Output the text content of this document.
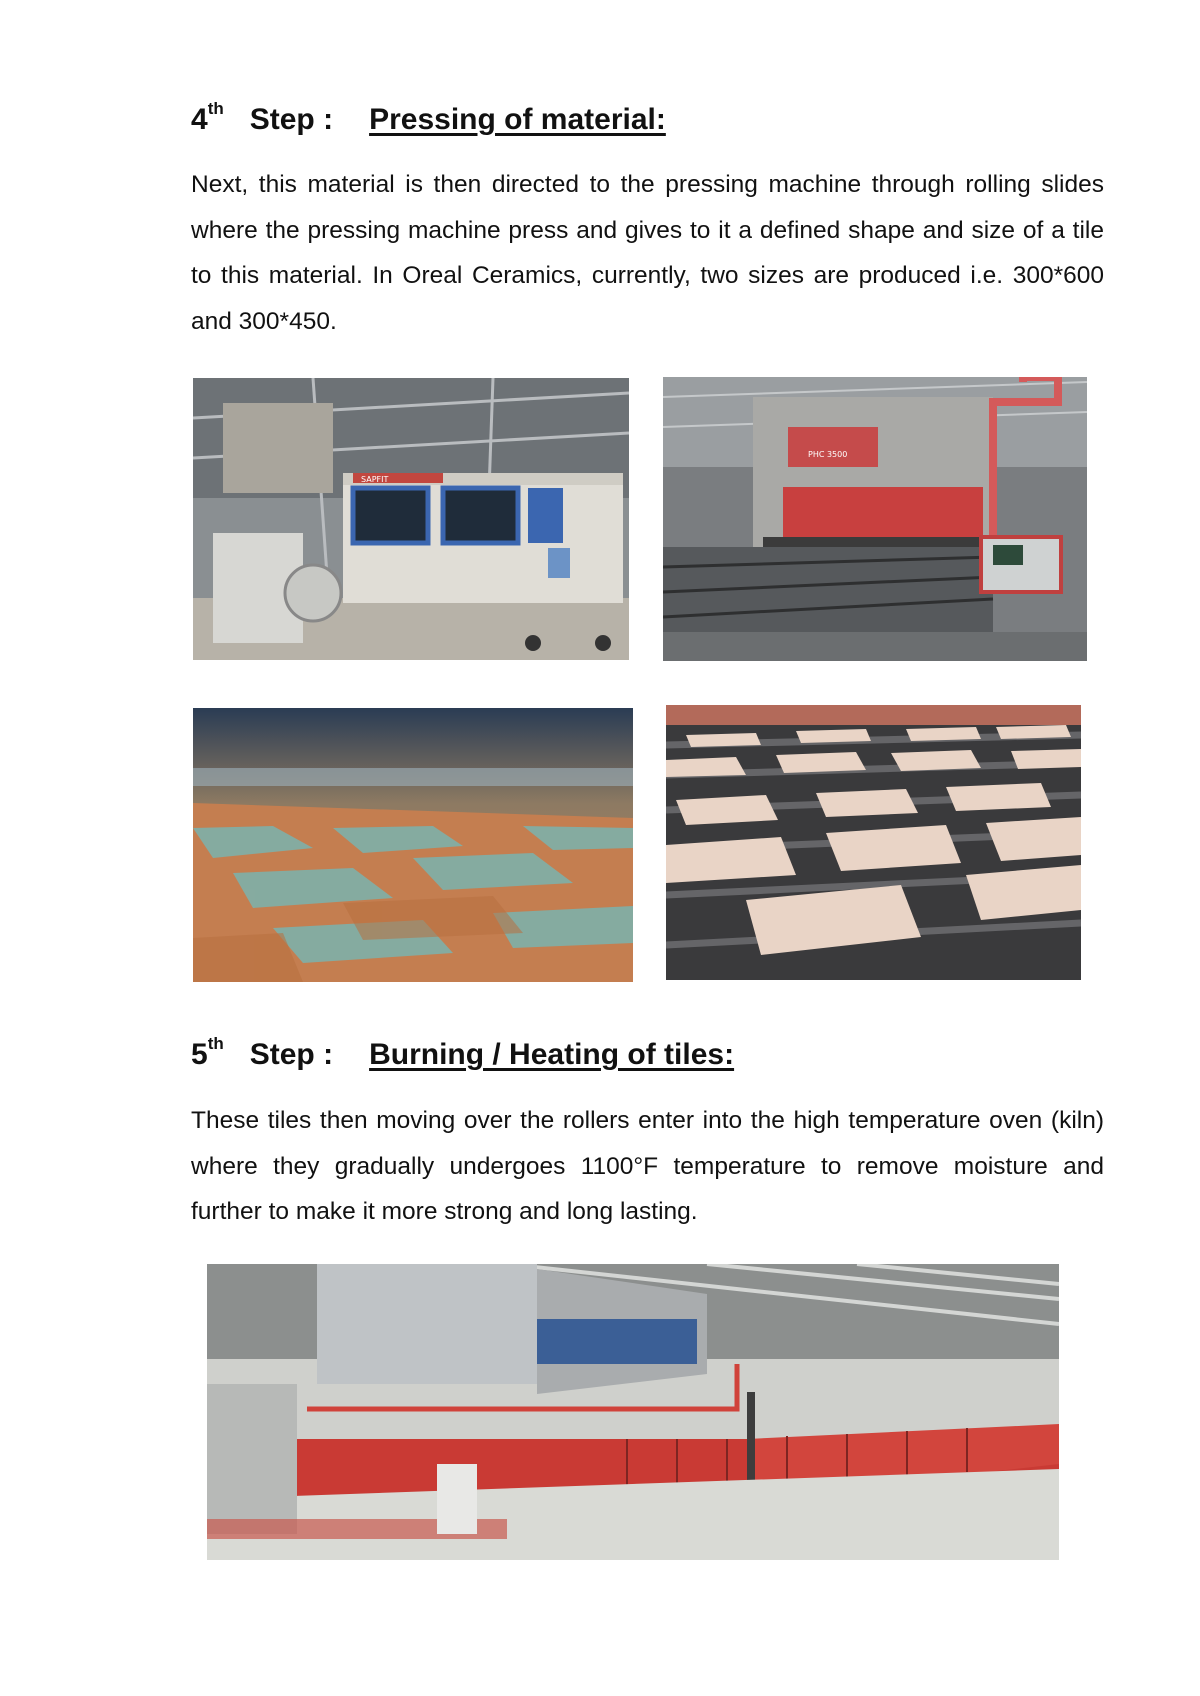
4th Step : Pressing of material:

Next, this material is then directed to the pressing machine through rolling slides where the pressing machine press and gives to it a defined shape and size of a tile to this material. In Oreal Ceramics, currently, two sizes are produced i.e. 300*600 and 300*450.

SAPFIT
PHC 3500
5th Step : Burning / Heating of tiles:

These tiles then moving over the rollers enter into the high temperature oven (kiln) where they gradually undergoes 1100°F temperature to remove moisture and further to make it more strong and long lasting.
